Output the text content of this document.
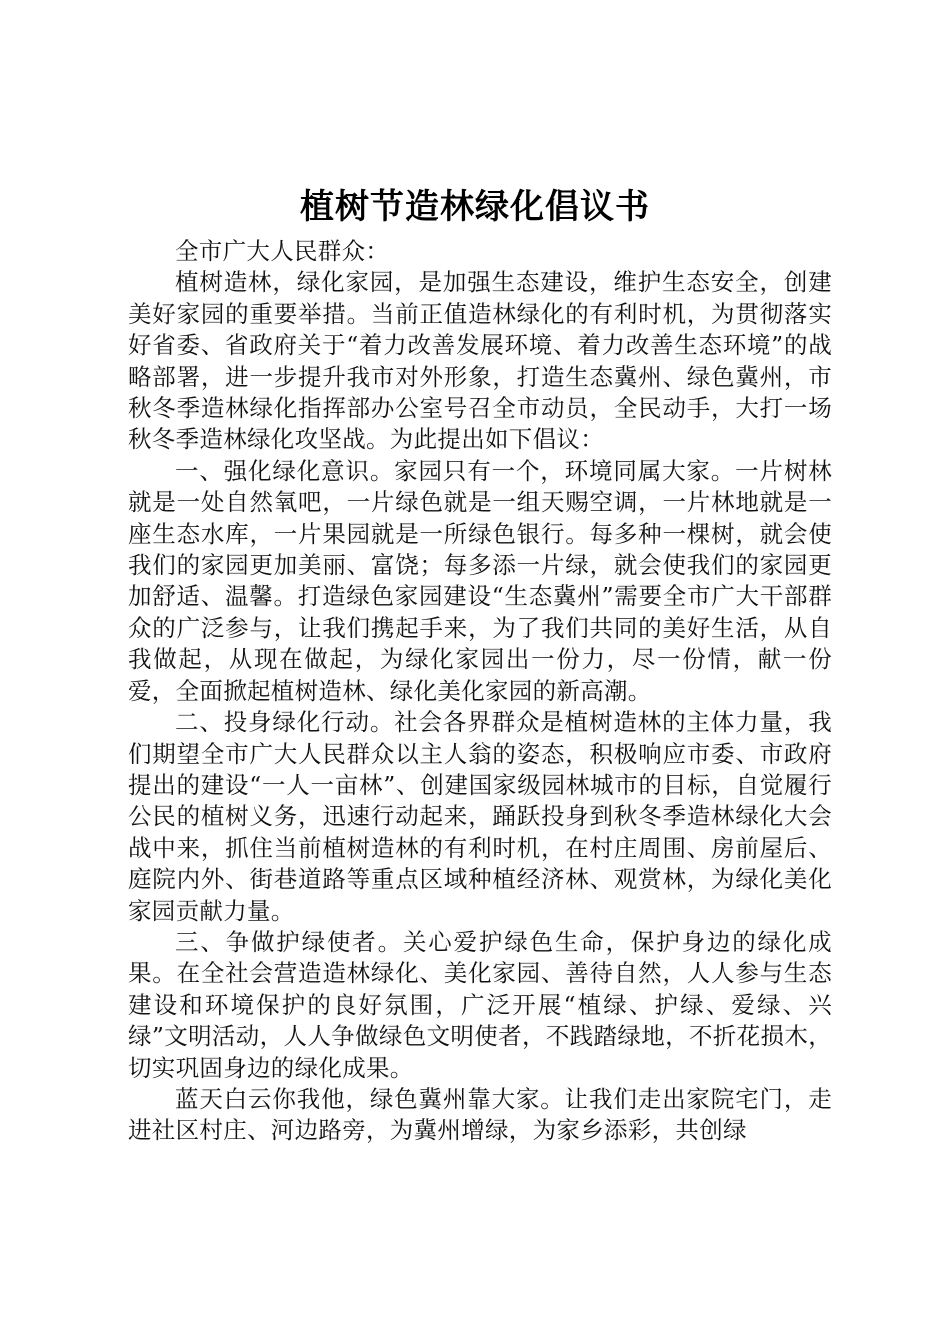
植树节造林绿化倡议书

全市广大人民群众：

植树造林，绿化家园，是加强生态建设，维护生态安全，创建美好家园的重要举措。当前正值造林绿化的有利时机，为贯彻落实好省委、省政府关于“着力改善发展环境、着力改善生态环境”的战略部署，进一步提升我市对外形象，打造生态冀州、绿色冀州，市秋冬季造林绿化指挥部办公室号召全市动员，全民动手，大打一场秋冬季造林绿化攻坚战。为此提出如下倡议：

一、强化绿化意识。家园只有一个，环境同属大家。一片树林就是一处自然氧吧，一片绿色就是一组天赐空调，一片林地就是一座生态水库，一片果园就是一所绿色银行。每多种一棵树，就会使我们的家园更加美丽、富饶；每多添一片绿，就会使我们的家园更加舒适、温馨。打造绿色家园建设“生态冀州”需要全市广大干部群众的广泛参与，让我们携起手来，为了我们共同的美好生活，从自我做起，从现在做起，为绿化家园出一份力，尽一份情，献一份爱，全面掀起植树造林、绿化美化家园的新高潮。

二、投身绿化行动。社会各界群众是植树造林的主体力量，我们期望全市广大人民群众以主人翁的姿态，积极响应市委、市政府提出的建设“一人一亩林”、创建国家级园林城市的目标，自觉履行公民的植树义务，迅速行动起来，踊跃投身到秋冬季造林绿化大会战中来，抓住当前植树造林的有利时机，在村庄周围、房前屋后、庭院内外、街巷道路等重点区域种植经济林、观赏林，为绿化美化家园贡献力量。

三、争做护绿使者。关心爱护绿色生命，保护身边的绿化成果。在全社会营造造林绿化、美化家园、善待自然，人人参与生态建设和环境保护的良好氛围，广泛开展“植绿、护绿、爱绿、兴绿”文明活动，人人争做绿色文明使者，不践踏绿地，不折花损木，切实巩固身边的绿化成果。

蓝天白云你我他，绿色冀州靠大家。让我们走出家院宅门，走进社区村庄、河边路旁，为冀州增绿，为家乡添彩，共创绿
